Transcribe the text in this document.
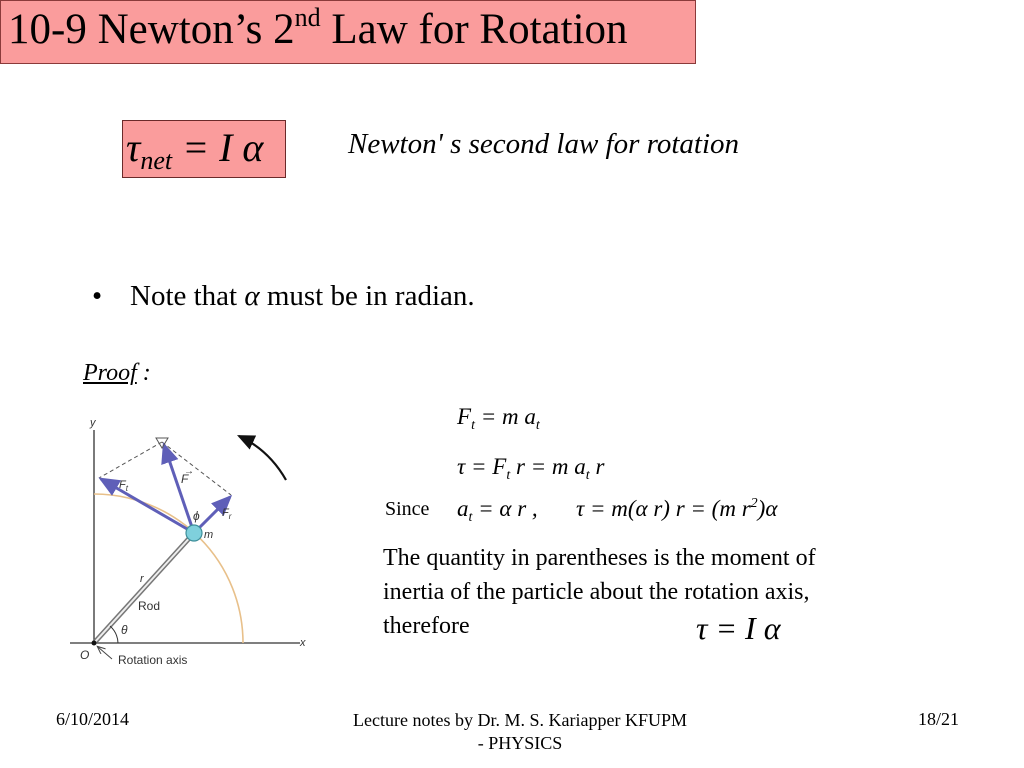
10-9 Newton’s 2nd Law for Rotation
$\tau_{net} = I$ α	Newton' s second law for rotation
• Note that α must be in radian.
Proof :
y
x
θ
Rod
r
$F_t$
F
→
$F_r$
ϕ
m
O Rotation axis
$F_t = m$ $a_t$
$\tau = F_t$ r = m $a_t$ r
Since $a_t = \alpha$ r , τ = m(α r) r = (m $r^2)\alpha$
The quantity in parentheses is the moment of inertia of the particle about the rotation axis, therefore	τ = I α
6/10/2014	Lecture notes by Dr. M. S. Kariapper KFUPM
- PHYSICS
18/21
